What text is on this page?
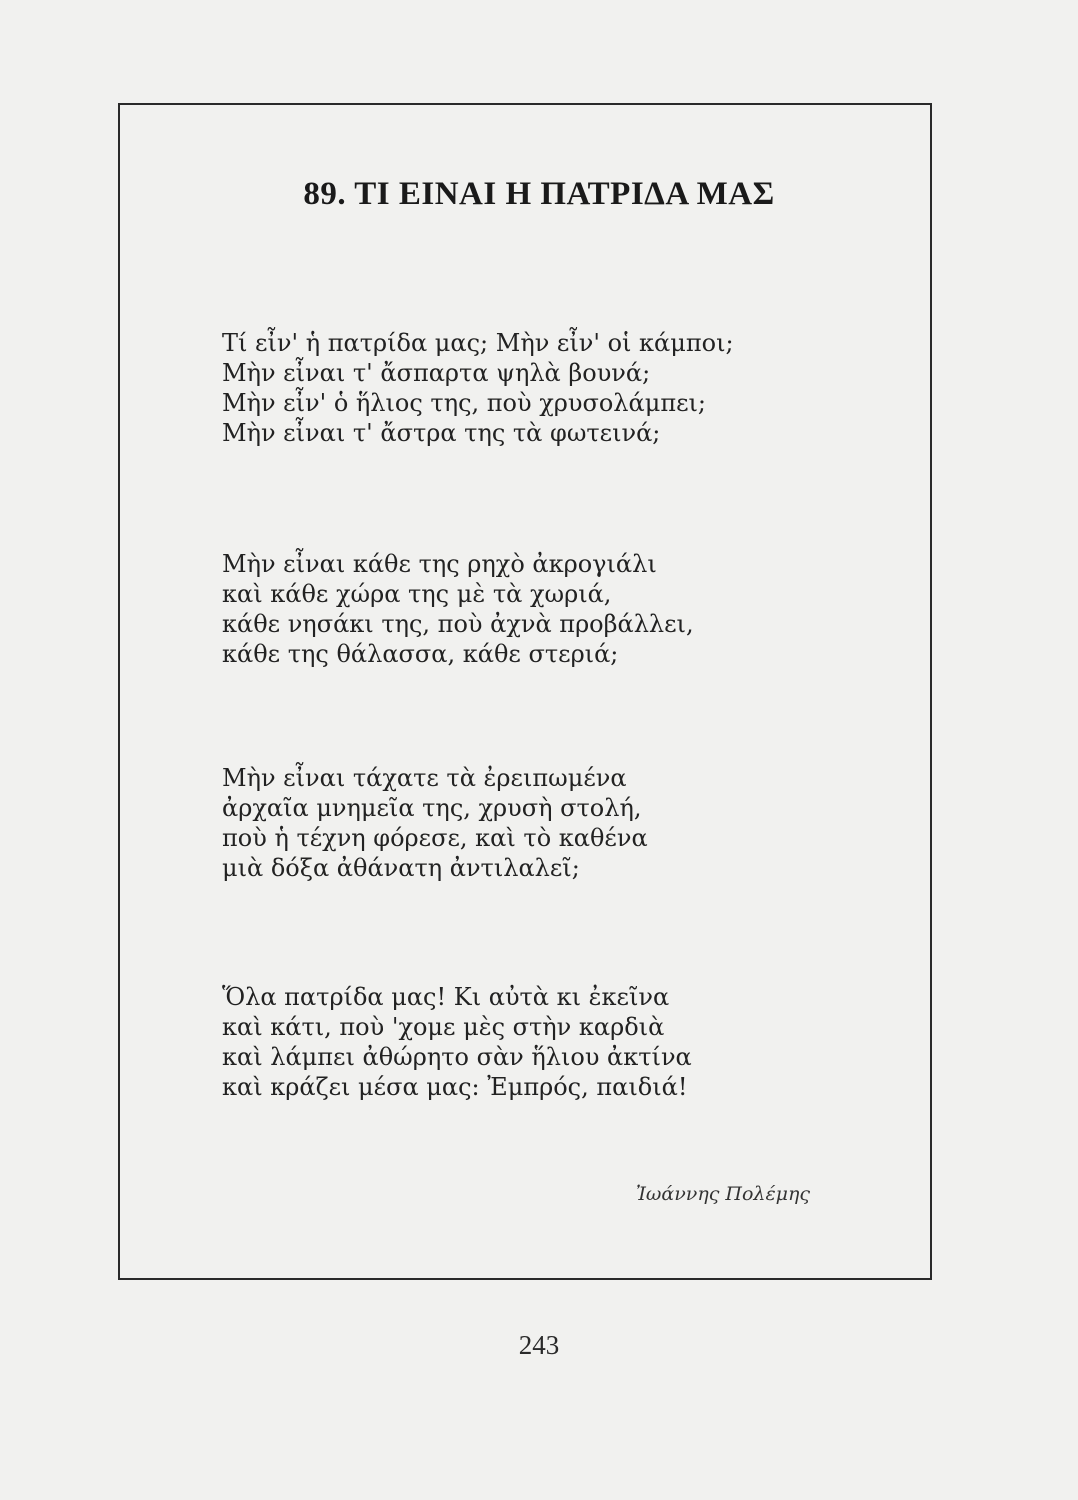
89. ΤΙ ΕΙΝΑΙ Η ΠΑΤΡΙΔΑ ΜΑΣ
Τί εἶν' ἡ πατρίδα μας; Μὴν εἶν' οἱ κάμποι;
Μὴν εἶναι τ' ἄσπαρτα ψηλὰ βουνά;
Μὴν εἶν' ὁ ἥλιος της, ποὺ χρυσολάμπει;
Μὴν εἶναι τ' ἄστρα της τὰ φωτεινά;
Μὴν εἶναι κάθε της ρηχὸ ἀκρογιάλι
καὶ κάθε χώρα της μὲ τὰ χωριά,
κάθε νησάκι της, ποὺ ἀχνὰ προβάλλει,
κάθε της θάλασσα, κάθε στεριά;
Μὴν εἶναι τάχατε τὰ ἐρειπωμένα
ἀρχαῖα μνημεῖα της, χρυσὴ στολή,
ποὺ ἡ τέχνη φόρεσε, καὶ τὸ καθένα
μιὰ δόξα ἀθάνατη ἀντιλαλεῖ;
Ὅλα πατρίδα μας! Κι αὐτὰ κι ἐκεῖνα
καὶ κάτι, ποὺ 'χομε μὲς στὴν καρδιὰ
καὶ λάμπει ἀθώρητο σὰν ἥλιου ἀκτίνα
καὶ κράζει μέσα μας: Ἐμπρός, παιδιά!
Ἰωάννης Πολέμης
243
